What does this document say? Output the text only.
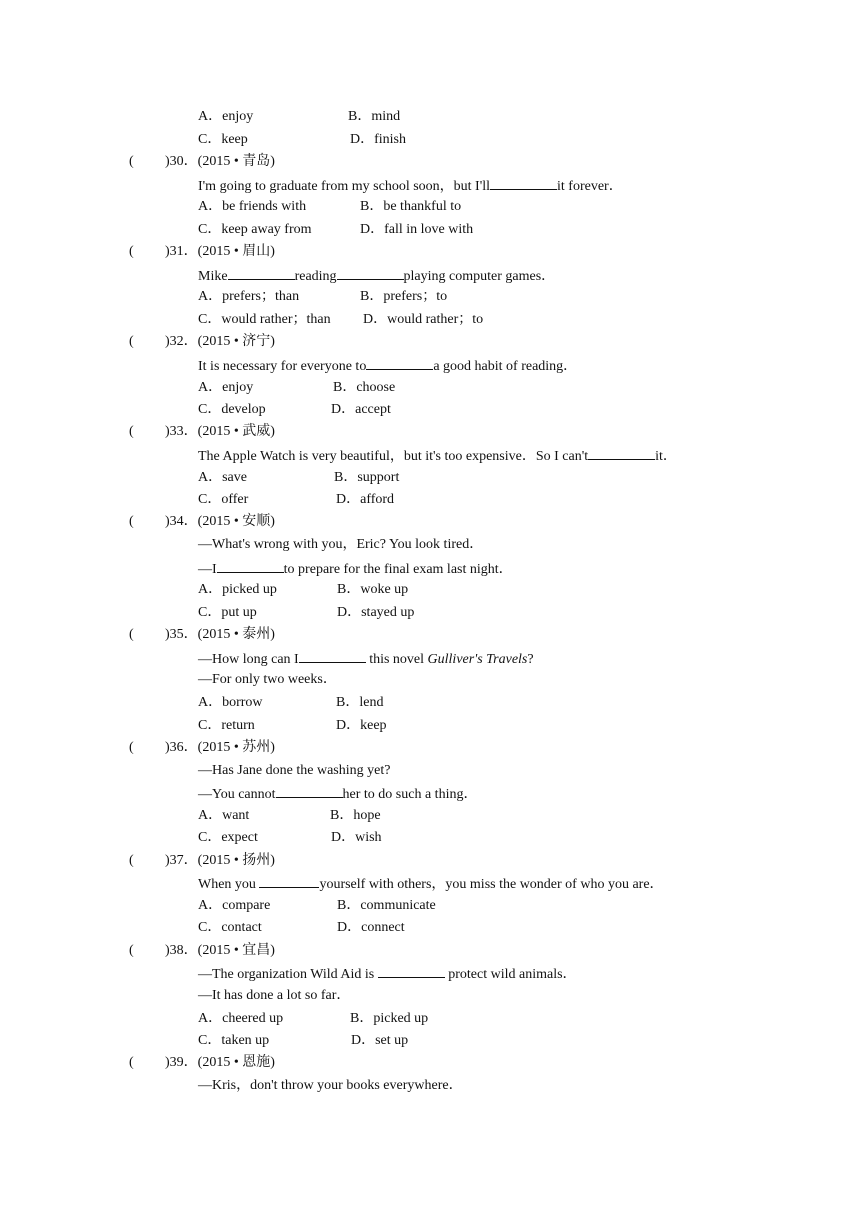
A．enjoy	B．mind
C．keep	D．finish
( )30．(2015 • 青岛)
I'm going to graduate from my school soon，but I'll	it forever．
A．be friends with	B．be thankful to
C．keep away from	D．fall in love with
( )31．(2015 • 眉山)
Mike	reading	playing computer games．
A．prefers；than	B．prefers；to
C．would rather；than D．would rather；to
( )32．(2015 • 济宁)
It is necessary for everyone to	a good habit of reading．
A．enjoy	B．choose
C．develop	D．accept
( )33．(2015 • 武威)
The Apple Watch is very beautiful，but it's too expensive．So I can't	it．
A．save	B．support
C．offer	D．afford
( )34．(2015 • 安顺)
—What's wrong with you，Eric? You look tired．
—I	to prepare for the final exam last night．
A．picked up	B．woke up
C．put up	D．stayed up
( )35．(2015 • 泰州)
—How long can I	this novel Gulliver's Travels?
—For only two weeks．
A．borrow	B．lend
C．return	D．keep
( )36．(2015 • 苏州)
—Has Jane done the washing yet?
—You cannot	her to do such a thing．
A．want	B．hope
C．expect	D．wish
( )37．(2015 • 扬州)
When you	yourself with others，you miss the wonder of who you are．
A．compare	B．communicate
C．contact	D．connect
( )38．(2015 • 宜昌)
—The organization Wild Aid is	protect wild animals．
—It has done a lot so far．
A．cheered up	B．picked up
C．taken up	D．set up
( )39．(2015 • 恩施)
—Kris，don't throw your books everywhere．
